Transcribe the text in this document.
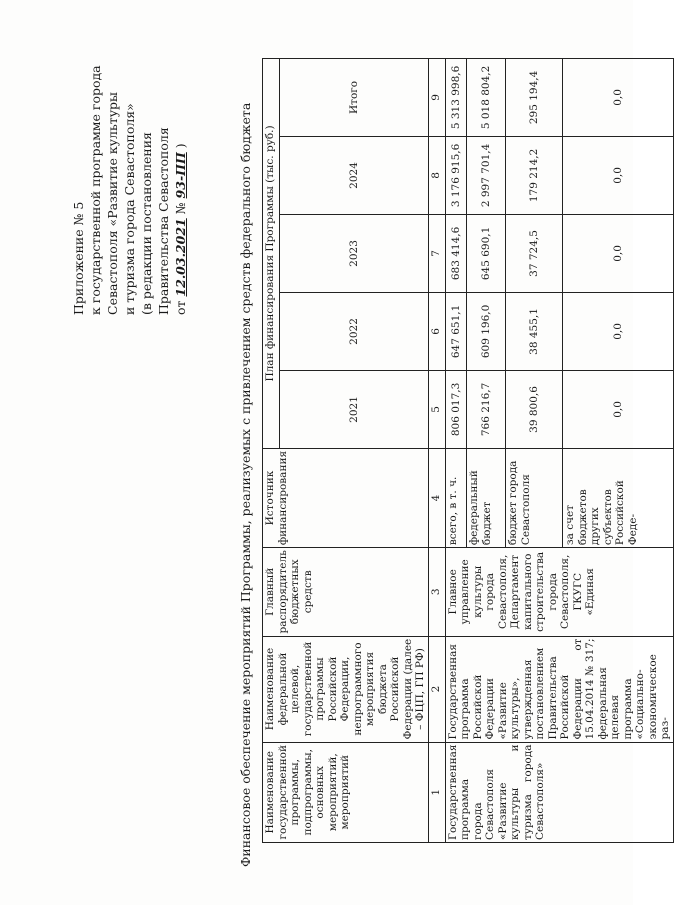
Приложение № 5 к государственной программе города Севастополя «Развитие культуры и туризма города Севастополя» (в редакции постановления Правительства Севастополя от 12.03.2021 № 93-ПП )	Финансовое обеспечение мероприятий Программы, реализуемых с привлечением средств федерального бюджета Наименование государственной программы, подпрограммы, основных мероприятий, мероприятий	Наименование федеральной целевой, государственной программы Российской Федерации, непрограммного мероприятия бюджета Российской Федерации (далее – ФЦП, ГП РФ)	Главный распорядитель бюджетных средств	Источник финансирования	План финансирования Программы (тыс. руб.)				
				2021	2022	2023	2024	Итого
1	2	3	4	5	6	7	8	9
Государственная программа города Севастополя «Развитие культуры и туризма города Севастополя»	Государственная программа Российской Федерации «Развитие культуры», утвержденная постановлением Правительства Российской Федерации от 15.04.2014 № 317; федеральная целевая программа «Социально-экономическое раз-	Главное управление культуры города Севастополя, Департамент капитального строительства города Севастополя, ГКУГС «Единая	всего, в т. ч.	806 017,3	647 651,1	683 414,6	3 176 915,6	5 313 998,6
			федеральный бюджет	766 216,7	609 196,0	645 690,1	2 997 701,4	5 018 804,2
			бюджет города Севастополя	39 800,6	38 455,1	37 724,5	179 214,2	295 194,4
			за счет бюджетов других субъектов Российской Феде-	0,0	0,0	0,0	0,0	0,0
